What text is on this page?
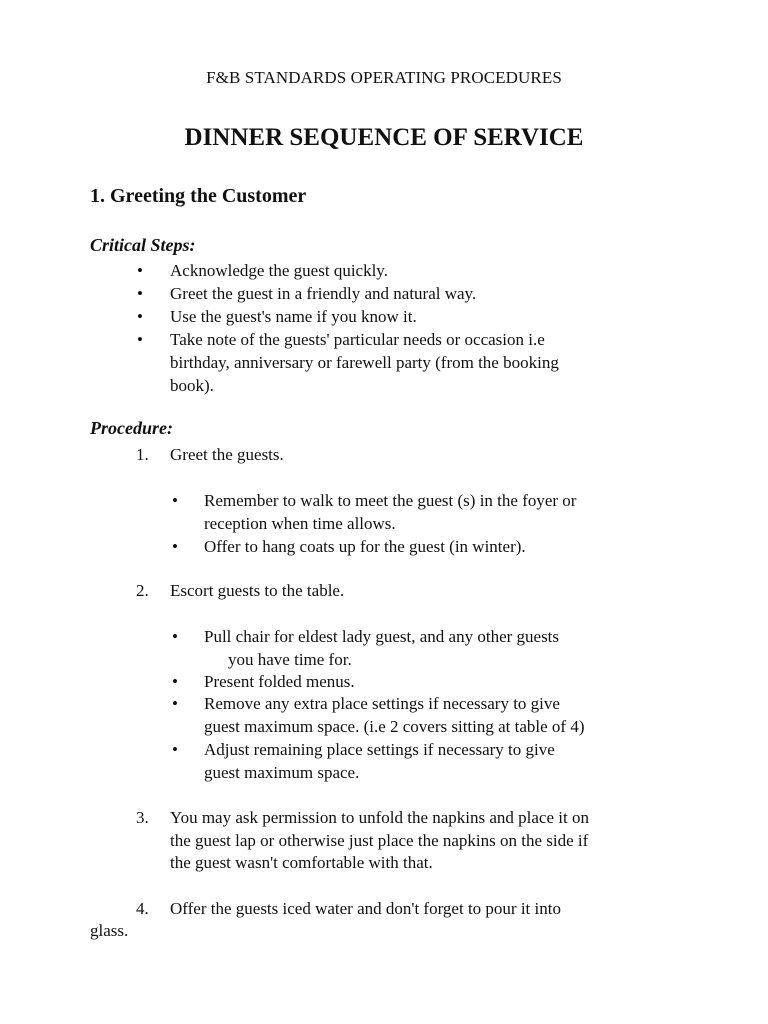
F&B STANDARDS OPERATING PROCEDURES
DINNER SEQUENCE OF SERVICE
1. Greeting the Customer
Critical Steps:
• Acknowledge the guest quickly.
• Greet the guest in a friendly and natural way.
• Use the guest's name if you know it.
• Take note of the guests' particular needs or occasion i.e
birthday, anniversary or farewell party (from the booking
book).
Procedure:
1. Greet the guests.
• Remember to walk to meet the guest (s) in the foyer or
reception when time allows.
• Offer to hang coats up for the guest (in winter).
2. Escort guests to the table.
• Pull chair for eldest lady guest, and any other guests
you have time for.
• Present folded menus.
• Remove any extra place settings if necessary to give
guest maximum space. (i.e 2 covers sitting at table of 4)
• Adjust remaining place settings if necessary to give
guest maximum space.
3. You may ask permission to unfold the napkins and place it on
the guest lap or otherwise just place the napkins on the side if
the guest wasn't comfortable with that.
4. Offer the guests iced water and don't forget to pour it into
glass.
